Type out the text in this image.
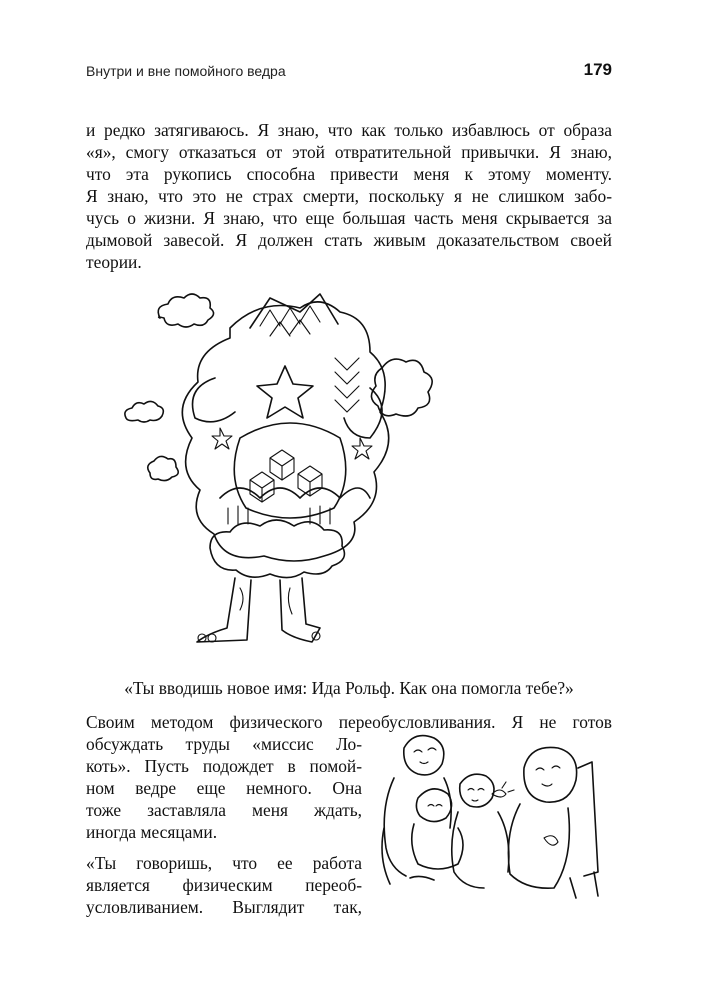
Внутри и вне помойного ведра	179
и редко затягиваюсь. Я знаю, что как только избавлюсь от образа
«я», смогу отказаться от этой отвратительной привычки. Я знаю,
что эта рукопись способна привести меня к этому моменту.
Я знаю, что это не страх смерти, поскольку я не слишком забо-
чусь о жизни. Я знаю, что еще большая часть меня скрывается за
дымовой завесой. Я должен стать живым доказательством своей
теории.
«Ты вводишь новое имя: Ида Рольф. Как она помогла тебе?»
Своим методом физического переобусловливания. Я не готов
обсуждать труды «миссис Ло-
коть». Пусть подождет в помой-
ном ведре еще немного. Она
тоже заставляла меня ждать,
иногда месяцами.
«Ты говоришь, что ее работа
является физическим переоб-
условливанием. Выглядит так,
